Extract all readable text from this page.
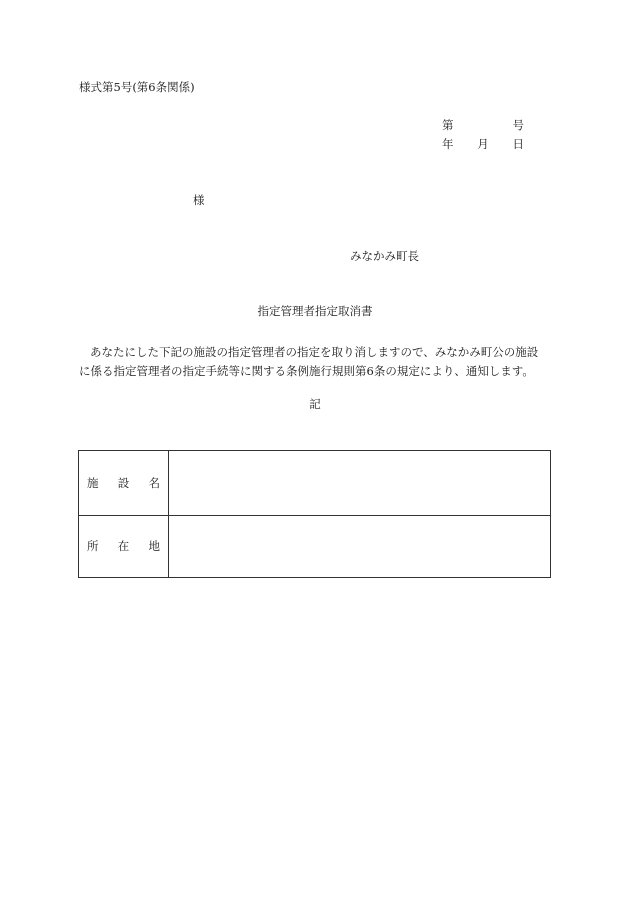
様式第5号(第6条関係)
第	号
年 月 日
様
みなかみ町長
指定管理者指定取消書
あなたにした下記の施設の指定管理者の指定を取り消しますので、みなかみ町公の施設
に係る指定管理者の指定手続等に関する条例施行規則第6条の規定により、通知します。
記
施 設 名
所 在 地
